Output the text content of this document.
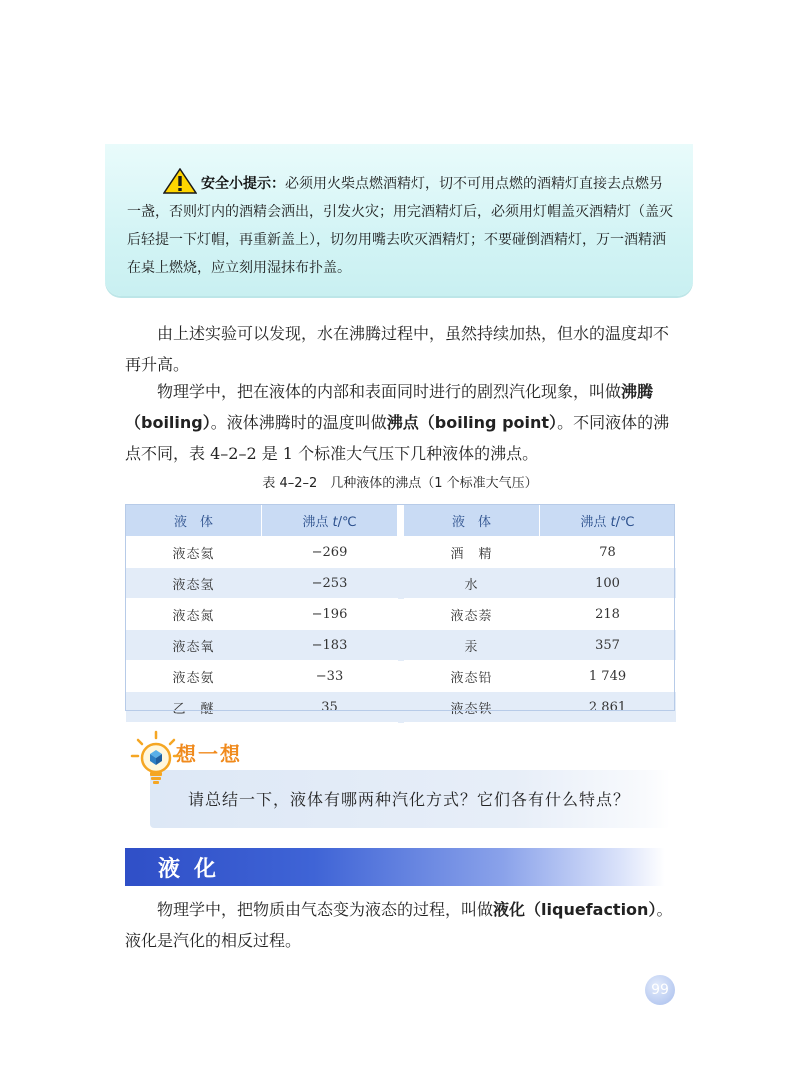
安全小提示：必须用火柴点燃酒精灯，切不可用点燃的酒精灯直接去点燃另一盏，否则灯内的酒精会洒出，引发火灾；用完酒精灯后，必须用灯帽盖灭酒精灯（盖灭后轻提一下灯帽，再重新盖上），切勿用嘴去吹灭酒精灯；不要碰倒酒精灯，万一酒精洒在桌上燃烧，应立刻用湿抹布扑盖。
由上述实验可以发现，水在沸腾过程中，虽然持续加热，但水的温度却不再升高。
物理学中，把在液体的内部和表面同时进行的剧烈汽化现象，叫做沸腾（boiling）。液体沸腾时的温度叫做沸点（boiling point）。不同液体的沸点不同，表 4–2–2 是 1 个标准大气压下几种液体的沸点。
表 4–2–2　几种液体的沸点（1 个标准大气压）
液　体	沸点 t/℃		液　体	沸点 t/℃
液态氦	−269		酒　精	78
液态氢	−253		水	100
液态氮	−196		液态萘	218
液态氧	−183		汞	357
液态氨	−33		液态铅	1 749
乙　醚	35		液态铁	2 861
请总结一下，液体有哪两种汽化方式？它们各有什么特点？
想一想
液化
物理学中，把物质由气态变为液态的过程，叫做液化（liquefaction）。液化是汽化的相反过程。
99
